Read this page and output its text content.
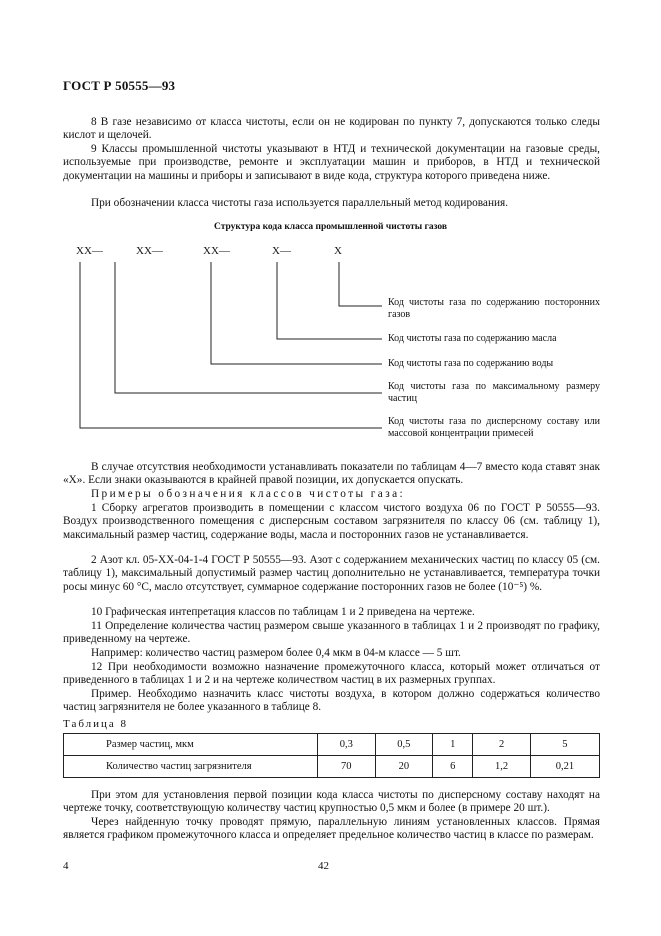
ГОСТ Р 50555—93
8 В газе независимо от класса чистоты, если он не кодирован по пункту 7, допускаются только следы кислот и щелочей.
9 Классы промышленной чистоты указывают в НТД и технической документации на газовые среды, используемые при производстве, ремонте и эксплуатации машин и приборов, в НТД и технической документации на машины и приборы и записывают в виде кода, структура которого приведена ниже.
При обозначении класса чистоты газа используется параллельный метод кодирования.
Структура кода класса промышленной чистоты газов
ХХ—	ХХ—	ХХ—	Х—	Х
Код чистоты газа по содержанию посторонних газов
Код чистоты газа по содержанию масла
Код чистоты газа по содержанию воды
Код чистоты газа по максимальному размеру частиц
Код чистоты газа по дисперсному составу или массовой концентрации примесей
В случае отсутствия необходимости устанавливать показатели по таблицам 4—7 вместо кода ставят знак «Х». Если знаки оказываются в крайней правой позиции, их допускается опускать.
Примеры обозначения классов чистоты газа:
1 Сборку агрегатов производить в помещении с классом чистого воздуха 06 по ГОСТ Р 50555—93. Воздух производственного помещения с дисперсным составом загрязнителя по классу 06 (см. таблицу 1), максимальный размер частиц, содержание воды, масла и посторонних газов не устанавливается.
2 Азот кл. 05-ХХ-04-1-4 ГОСТ Р 50555—93. Азот с содержанием механических частиц по классу 05 (см. таблицу 1), максимальный допустимый размер частиц дополнительно не устанавливается, температура точки росы минус 60 °С, масло отсутствует, суммарное содержание посторонних газов не более (10⁻⁵) %.
10 Графическая интепретация классов по таблицам 1 и 2 приведена на чертеже.
11 Определение количества частиц размером свыше указанного в таблицах 1 и 2 производят по графику, приведенному на чертеже.
Например: количество частиц размером более 0,4 мкм в 04-м классе — 5 шт.
12 При необходимости возможно назначение промежуточного класса, который может отличаться от приведенного в таблицах 1 и 2 и на чертеже количеством частиц в их размерных группах.
Пример. Необходимо назначить класс чистоты воздуха, в котором должно содержаться количество частиц загрязнителя не более указанного в таблице 8.
Таблица 8
Размер частиц, мкм	0,3	0,5	1	2	5
Количество частиц загрязнителя	70	20	6	1,2	0,21
При этом для установления первой позиции кода класса чистоты по дисперсному составу находят на чертеже точку, соответствующую количеству частиц крупностью 0,5 мкм и более (в примере 20 шт.).
Через найденную точку проводят прямую, параллельную линиям установленных классов. Прямая является графиком промежуточного класса и определяет предельное количество частиц в классе по размерам.
4	42
